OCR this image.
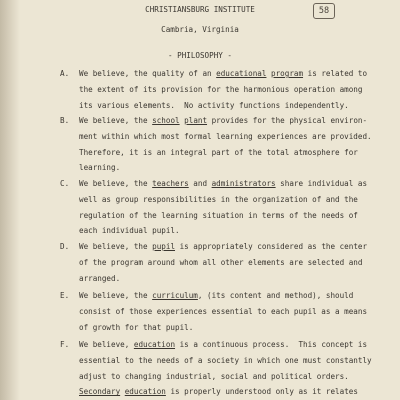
CHRISTIANSBURG INSTITUTE	58
Cambria, Virginia
- PHILOSOPHY -
A. We believe, the quality of an educational program is related to
the extent of its provision for the harmonious operation among
its various elements.  No activity functions independently.
B. We believe, the school plant provides for the physical environ-
ment within which most formal learning experiences are provided.
Therefore, it is an integral part of the total atmosphere for
learning.
C. We believe, the teachers and administrators share individual as
well as group responsibilities in the organization of and the
regulation of the learning situation in terms of the needs of
each individual pupil.
D. We believe, the pupil is appropriately considered as the center
of the program around whom all other elements are selected and
arranged.
E. We believe, the curriculum, (its content and method), should
consist of those experiences essential to each pupil as a means
of growth for that pupil.
F. We believe, education is a continuous process.  This concept is
essential to the needs of a society in which one must constantly
adjust to changing industrial, social and political orders.
Secondary education is properly understood only as it relates
